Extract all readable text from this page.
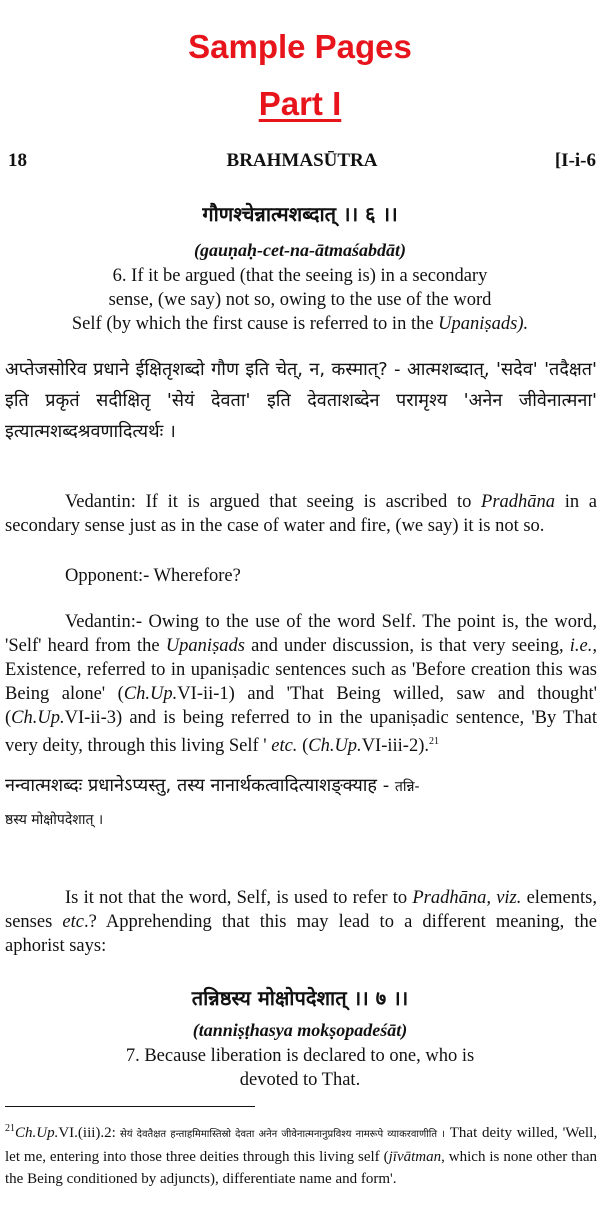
Sample Pages
Part I
18	BRAHMASŪTRA	[I-i-6
गौणश्चेन्नात्मशब्दात् ।। ६ ।।
(gauṇaḥ-cet-na-ātmaśabdāt)
6. If it be argued (that the seeing is) in a secondary
sense, (we say) not so, owing to the use of the word
Self (by which the first cause is referred to in the Upaniṣads).
अप्तेजसोरिव प्रधाने ईक्षितृशब्दो गौण इति चेत्, न, कस्मात्? - आत्मशब्दात्, 'सदेव' 'तदैक्षत' इति प्रकृतं सदीक्षितृ 'सेयं देवता' इति देवताशब्देन परामृश्य 'अनेन जीवेनात्मना' इत्यात्मशब्दश्रवणादित्यर्थः ।
Vedantin: If it is argued that seeing is ascribed to Pradhāna in a secondary sense just as in the case of water and fire, (we say) it is not so.
Opponent:- Wherefore?
Vedantin:- Owing to the use of the word Self. The point is, the word, 'Self' heard from the Upaniṣads and under discussion, is that very seeing, i.e., Existence, referred to in upaniṣadic sentences such as 'Before creation this was Being alone' (Ch.Up.VI-ii-1) and 'That Being willed, saw and thought' (Ch.Up.VI-ii-3) and is being referred to in the upaniṣadic sentence, 'By That very deity, through this living Self ' etc. (Ch.Up.VI-iii-2).$^{21}$
नन्वात्मशब्दः प्रधानेऽप्यस्तु, तस्य नानार्थकत्वादित्याशङ्क्याह - तन्नि-
ष्ठस्य मोक्षोपदेशात् ।
Is it not that the word, Self, is used to refer to Pradhāna, viz. elements, senses etc.? Apprehending that this may lead to a different meaning, the aphorist says:
तन्निष्ठस्य मोक्षोपदेशात् ।। ७ ।।
(tanniṣṭhasya mokṣopadeśāt)
7. Because liberation is declared to one, who is
devoted to That.
$^{21}$Ch.Up.VI.(iii).2: सेयं देवतैक्षत हन्ताहमिमास्तिस्रो देवता अनेन जीवेनात्मनानुप्रविश्य नामरूपे व्याकरवाणीति । That deity willed, 'Well, let me, entering into those three deities through this living self (jīvātman, which is none other than the Being conditioned by adjuncts), differentiate name and form'.
